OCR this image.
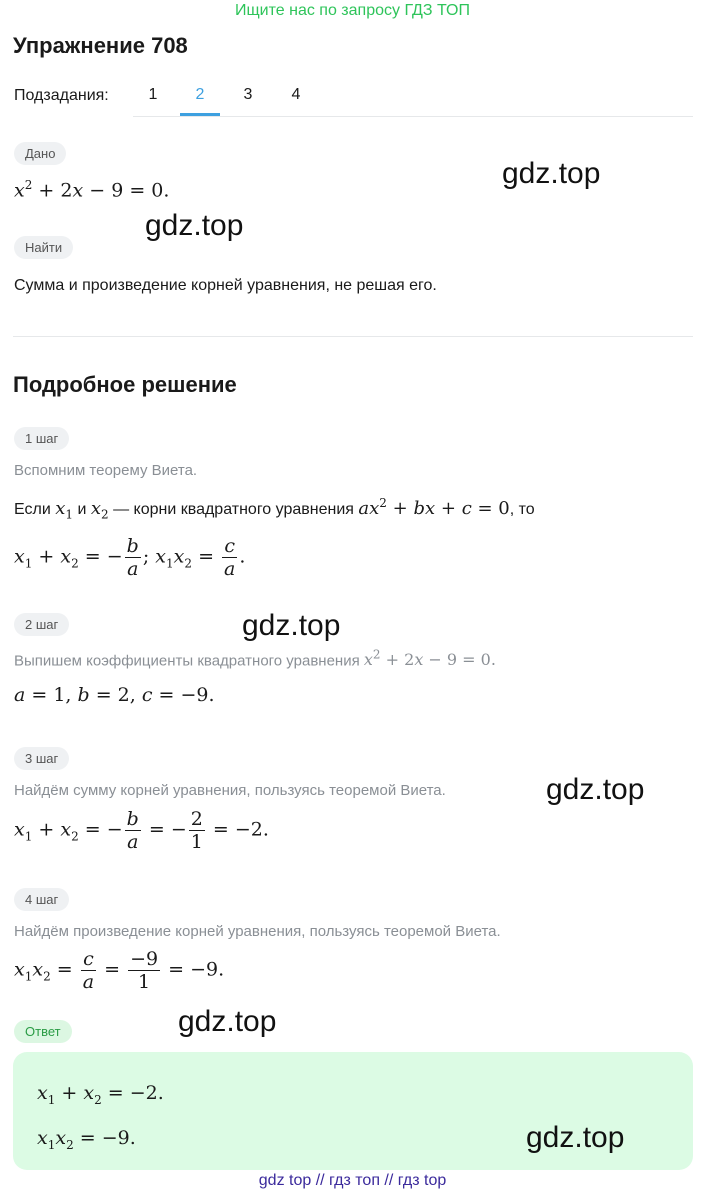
Ищите нас по запросу ГДЗ ТОП
Упражнение 708
Подзадания:	1	2	3	4
Дано
$x^2 + 2x - 9 = 0$.
Найти
Сумма и произведение корней уравнения, не решая его.
Подробное решение
1 шаг
Вспомним теорему Виета.
Если $x_1$ и $x_2$ — корни квадратного уравнения $ax^2$ + bx + c = 0, то
$x_1 + x_2$ = − $\frac{b}{a}$ ; $x_1x_2 = \frac{c}{a}$ .
2 шаг
Выпишем коэффициенты квадратного уравнения $x^2 + 2x - 9 = 0$.
a = 1, b = 2, c = −9.
3 шаг
Найдём сумму корней уравнения, пользуясь теоремой Виета.
$x_1 + x_2$ = − $\frac{b}{a}$ = − $\frac{2}{1} = -2$.
4 шаг
Найдём произведение корней уравнения, пользуясь теоремой Виета.
$x_1x_2 = \frac{c}{a} = \frac{-9}{1} = -9$.
Ответ
$x_1 + x_2 = -2$.
$x_1x_2 = -9$.
gdz.top
gdz.top
gdz.top
gdz.top
gdz.top
gdz.top
gdz top // гдз топ // гдз top
